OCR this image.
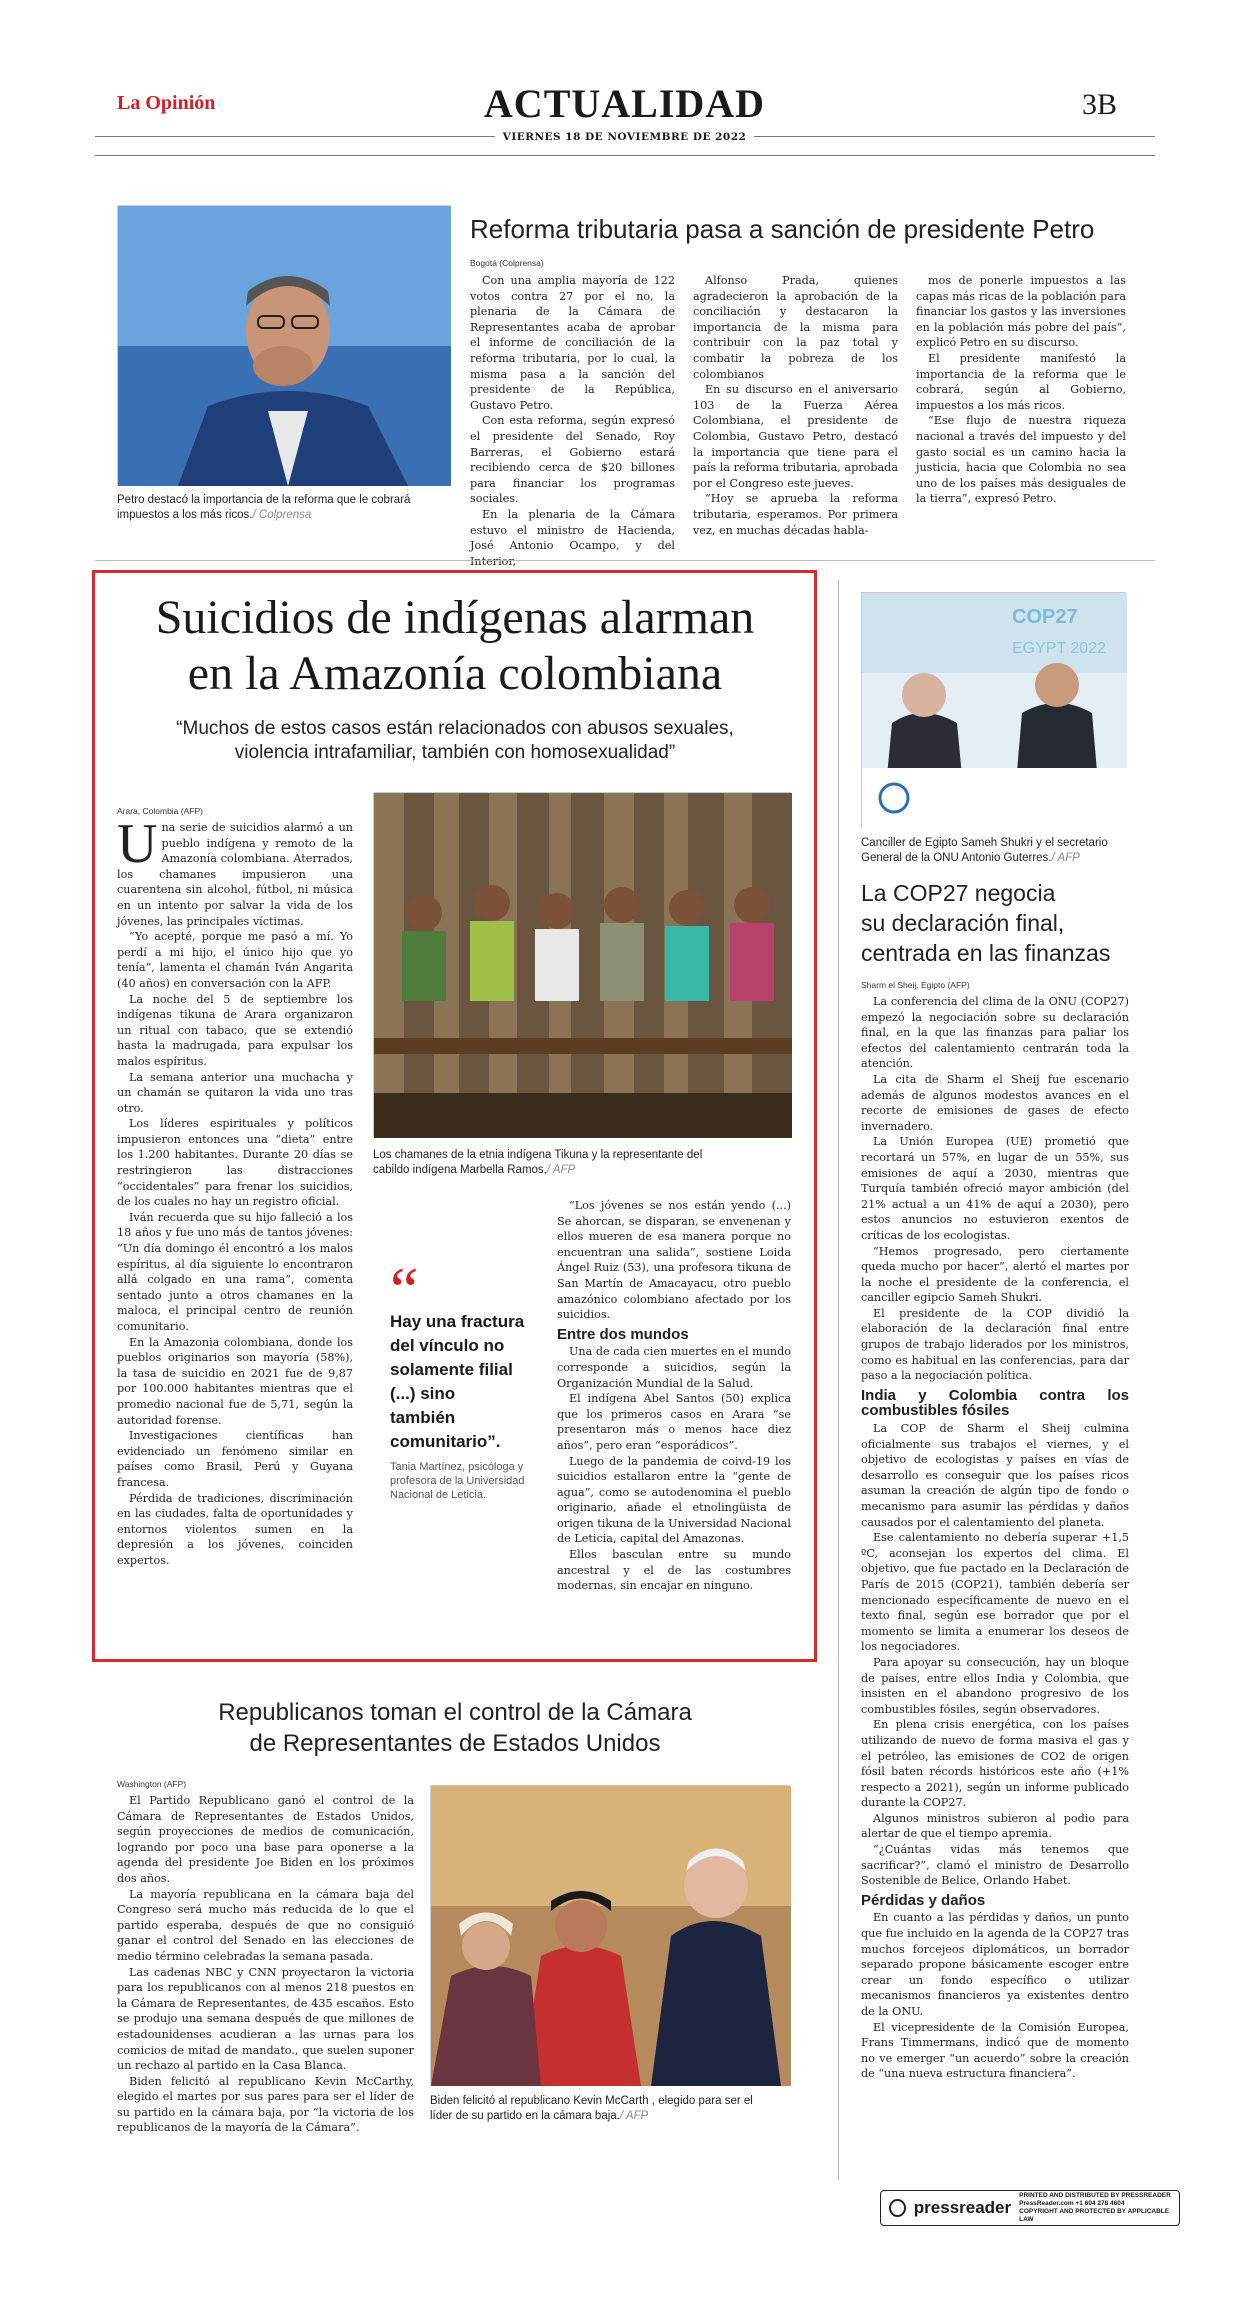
La Opinión	ACTUALIDAD	3B
VIERNES 18 DE NOVIEMBRE DE 2022
Petro destacó la importancia de la reforma que le cobrará impuestos a los más ricos./ Colprensa
Reforma tributaria pasa a sanción de presidente Petro
Bogotá (Colprensa)

Con una amplia mayoría de 122 votos contra 27 por el no, la plenaria de la Cámara de Representantes acaba de aprobar el informe de conciliación de la reforma tributaria, por lo cual, la misma pasa a la sanción del presidente de la República, Gustavo Petro.

Con esta reforma, según expresó el presidente del Senado, Roy Barreras, el Gobierno estará recibiendo cerca de $20 billones para financiar los programas sociales.

En la plenaria de la Cámara estuvo el ministro de Hacienda, José Antonio Ocampo, y del Interior,

Alfonso Prada, quienes agradecieron la aprobación de la conciliación y destacaron la importancia de la misma para contribuir con la paz total y combatir la pobreza de los colombianos

En su discurso en el aniversario 103 de la Fuerza Aérea Colombiana, el presidente de Colombia, Gustavo Petro, destacó la importancia que tiene para el país la reforma tributaria, aprobada por el Congreso este jueves.

“Hoy se aprueba la reforma tributaria, esperamos. Por primera vez, en muchas décadas habla-

mos de ponerle impuestos a las capas más ricas de la población para financiar los gastos y las inversiones en la población más pobre del país”, explicó Petro en su discurso.

El presidente manifestó la importancia de la reforma que le cobrará, según al Gobierno, impuestos a los más ricos.

“Ese flujo de nuestra riqueza nacional a través del impuesto y del gasto social es un camino hacia la justicia, hacia que Colombia no sea uno de los países más desiguales de la tierra”, expresó Petro.

Suicidios de indígenas alarman
en la Amazonía colombiana
“Muchos de estos casos están relacionados con abusos sexuales,
violencia intrafamiliar, también con homosexualidad”
Arara, Colombia (AFP)

Una serie de suicidios alarmó a un pueblo indígena y remoto de la Amazonía colombiana. Aterrados, los chamanes impusieron una cuarentena sin alcohol, fútbol, ni música en un intento por salvar la vida de los jóvenes, las principales víctimas.

“Yo acepté, porque me pasó a mí. Yo perdí a mi hijo, el único hijo que yo tenía”, lamenta el chamán Iván Angarita (40 años) en conversación con la AFP.

La noche del 5 de septiembre los indígenas tikuna de Arara organizaron un ritual con tabaco, que se extendió hasta la madrugada, para expulsar los malos espíritus.

La semana anterior una muchacha y un chamán se quitaron la vida uno tras otro.

Los líderes espirituales y políticos impusieron entonces una “dieta” entre los 1.200 habitantes. Durante 20 días se restringieron las distracciones “occidentales” para frenar los suicidios, de los cuales no hay un registro oficial.

Iván recuerda que su hijo falleció a los 18 años y fue uno más de tantos jóvenes: “Un día domingo él encontró a los malos espíritus, al día siguiente lo encontraron allá colgado en una rama”, comenta sentado junto a otros chamanes en la maloca, el principal centro de reunión comunitario.

En la Amazonia colombiana, donde los pueblos originarios son mayoría (58%), la tasa de suicidio en 2021 fue de 9,87 por 100.000 habitantes mientras que el promedio nacional fue de 5,71, según la autoridad forense.

Investigaciones científicas han evidenciado un fenómeno similar en países como Brasil, Perú y Guyana francesa.

Pérdida de tradiciones, discriminación en las ciudades, falta de oportunidades y entornos violentos sumen en la depresión a los jóvenes, coinciden expertos.

Los chamanes de la etnia indígena Tikuna y la representante del cabildo indígena Marbella Ramos,/ AFP
“
Hay una fractura del vínculo no solamente filial (...) sino también comunitario”.
Tania Martínez, psicóloga y profesora de la Universidad Nacional de Leticia.

“Los jóvenes se nos están yendo (...) Se ahorcan, se disparan, se envenenan y ellos mueren de esa manera porque no encuentran una salida”, sostiene Loida Ángel Ruiz (53), una profesora tikuna de San Martín de Amacayacu, otro pueblo amazónico colombiano afectado por los suicidios.

Entre dos mundos

Una de cada cien muertes en el mundo corresponde a suicidios, según la Organización Mundial de la Salud.

El indígena Abel Santos (50) explica que los primeros casos en Arara “se presentaron más o menos hace diez años”, pero eran “esporádicos”.

Luego de la pandemia de coivd-19 los suicidios estallaron entre la “gente de agua”, como se autodenomina el pueblo originario, añade el etnolingüista de origen tikuna de la Universidad Nacional de Leticia, capital del Amazonas.

Ellos basculan entre su mundo ancestral y el de las costumbres modernas, sin encajar en ninguno.

Republicanos toman el control de la Cámara
de Representantes de Estados Unidos
Washington (AFP)

El Partido Republicano ganó el control de la Cámara de Representantes de Estados Unidos, según proyecciones de medios de comunicación, logrando por poco una base para oponerse a la agenda del presidente Joe Biden en los próximos dos años.

La mayoría republicana en la cámara baja del Congreso será mucho más reducida de lo que el partido esperaba, después de que no consiguió ganar el control del Senado en las elecciones de medio término celebradas la semana pasada.

Las cadenas NBC y CNN proyectaron la victoria para los republicanos con al menos 218 puestos en la Cámara de Representantes, de 435 escaños. Esto se produjo una semana después de que millones de estadounidenses acudieran a las urnas para los comicios de mitad de mandato., que suelen suponer un rechazo al partido en la Casa Blanca.

Biden felicitó al republicano Kevin McCarthy, elegido el martes por sus pares para ser el líder de su partido en la cámara baja, por “la victoria de los republicanos de la mayoría de la Cámara”.

Biden felicitó al republicano Kevin McCarth , elegido para ser el líder de su partido en la cámara baja./ AFP
COP27
EGYPT 2022
Canciller de Egipto Sameh Shukri y el secretario General de la ONU Antonio Guterres./ AFP
La COP27 negocia
su declaración final,
centrada en las finanzas
Sharm el Sheij, Egipto (AFP)

La conferencia del clima de la ONU (COP27) empezó la negociación sobre su declaración final, en la que las finanzas para paliar los efectos del calentamiento centrarán toda la atención.

La cita de Sharm el Sheij fue escenario además de algunos modestos avances en el recorte de emisiones de gases de efecto invernadero.

La Unión Europea (UE) prometió que recortará un 57%, en lugar de un 55%, sus emisiones de aquí a 2030, mientras que Turquía también ofreció mayor ambición (del 21% actual a un 41% de aquí a 2030), pero estos anuncios no estuvieron exentos de críticas de los ecologistas.

“Hemos progresado, pero ciertamente queda mucho por hacer”, alertó el martes por la noche el presidente de la conferencia, el canciller egipcio Sameh Shukri.

El presidente de la COP dividió la elaboración de la declaración final entre grupos de trabajo liderados por los ministros, como es habitual en las conferencias, para dar paso a la negociación política.

India y Colombia contra los combustibles fósiles

La COP de Sharm el Sheij culmina oficialmente sus trabajos el viernes, y el objetivo de ecologistas y países en vías de desarrollo es conseguir que los países ricos asuman la creación de algún tipo de fondo o mecanismo para asumir las pérdidas y daños causados por el calentamiento del planeta.

Ese calentamiento no debería superar +1,5 ºC, aconsejan los expertos del clima. El objetivo, que fue pactado en la Declaración de París de 2015 (COP21), también debería ser mencionado específicamente de nuevo en el texto final, según ese borrador que por el momento se limita a enumerar los deseos de los negociadores.

Para apoyar su consecución, hay un bloque de países, entre ellos India y Colombia, que insisten en el abandono progresivo de los combustibles fósiles, según observadores.

En plena crisis energética, con los países utilizando de nuevo de forma masiva el gas y el petróleo, las emisiones de CO2 de origen fósil baten récords históricos este año (+1% respecto a 2021), según un informe publicado durante la COP27.

Algunos ministros subieron al podio para alertar de que el tiempo apremia.

“¿Cuántas vidas más tenemos que sacrificar?”, clamó el ministro de Desarrollo Sostenible de Belice, Orlando Habet.

Pérdidas y daños

En cuanto a las pérdidas y daños, un punto que fue incluido en la agenda de la COP27 tras muchos forcejeos diplomáticos, un borrador separado propone básicamente escoger entre crear un fondo específico o utilizar mecanismos financieros ya existentes dentro de la ONU.

El vicepresidente de la Comisión Europea, Frans Timmermans, indicó que de momento no ve emerger “un acuerdo” sobre la creación de “una nueva estructura financiera”.

pressreader
PRINTED AND DISTRIBUTED BY PRESSREADER
PressReader.com +1 604 278 4604
COPYRIGHT AND PROTECTED BY APPLICABLE LAW
